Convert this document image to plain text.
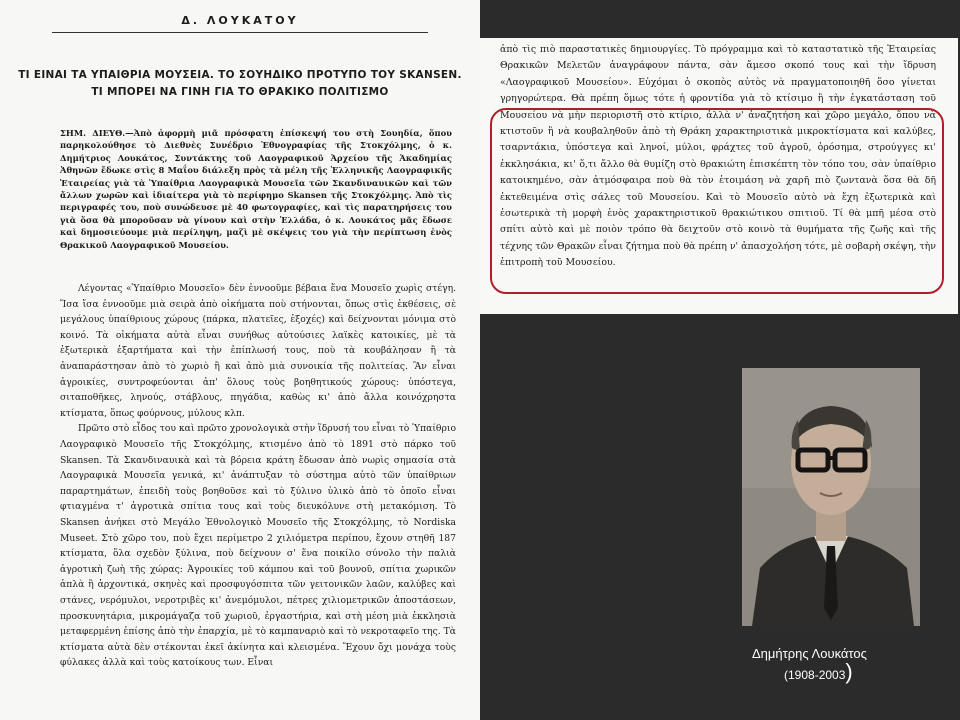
Δ. ΛΟΥΚΑΤΟΥ
ΤΙ ΕΙΝΑΙ ΤΑ ΥΠΑΙΘΡΙΑ ΜΟΥΣΕΙΑ. ΤΟ ΣΟΥΗΔΙΚΟ ΠΡΟΤΥΠΟ ΤΟΥ SKANSEN.
ΤΙ ΜΠΟΡΕΙ ΝΑ ΓΙΝΗ ΓΙΑ ΤΟ ΘΡΑΚΙΚΟ ΠΟΛΙΤΙΣΜΟ
ΣΗΜ. ΔΙΕΥΘ.—Ἀπὸ ἀφορμὴ μιᾶ πρόσφατη ἐπίσκεψή του στὴ Σουηδία, ὅπου παρηκολούθησε τὸ Διεθνὲς Συνέδριο Ἐθνογραφίας τῆς Στοκχόλμης, ὁ κ. Δημήτριος Λουκάτος, Συντάκτης τοῦ Λαογραφικοῦ Ἀρχείου τῆς Ἀκαδημίας Ἀθηνῶν ἔδωκε στὶς 8 Μαΐου διάλεξη πρὸς τὰ μέλη τῆς Ἑλληνικῆς Λαογραφικῆς Ἑταιρείας γιὰ τὰ Ὑπαίθρια Λαογραφικὰ Μουσεῖα τῶν Σκανδιναυικῶν καὶ τῶν ἄλλων χωρῶν καὶ ἰδιαίτερα γιὰ τὸ περίφημο Skansen τῆς Στοκχόλμης. Ἀπὸ τὶς περιγραφές του, ποὺ συνώδευσε μὲ 40 φωτογραφίες, καὶ τὶς παρατηρήσεις του γιὰ ὅσα θὰ μποροῦσαν νὰ γίνουν καὶ στὴν Ἑλλάδα, ὁ κ. Λουκάτος μᾶς ἔδωσε καὶ δημοσιεύουμε μιὰ περίληψη, μαζὶ μὲ σκέψεις του γιὰ τὴν περίπτωση ἑνὸς Θρακικοῦ Λαογραφικοῦ Μουσείου.

Λέγοντας «Ὑπαίθριο Μουσεῖο» δὲν ἐννοοῦμε βέβαια ἕνα Μουσεῖο χωρὶς στέγη. Ἴσα ἴσα ἐννοοῦμε μιὰ σειρὰ ἀπὸ οἰκήματα ποὺ στήνονται, ὅπως στὶς ἐκθέσεις, σὲ μεγάλους ὑπαίθριους χώρους (πάρκα, πλατεῖες, ἐξοχές) καὶ δείχνονται μόνιμα στὸ κοινό. Τὰ οἰκήματα αὐτὰ εἶναι συνήθως αὐτούσιες λαϊκὲς κατοικίες, μὲ τὰ ἐξωτερικὰ ἐξαρτήματα καὶ τὴν ἐπίπλωσή τους, ποὺ τὰ κουβάλησαν ἢ τὰ ἀναπαράστησαν ἀπὸ τὸ χωριὸ ἢ καὶ ἀπὸ μιὰ συνοικία τῆς πολιτείας. Ἂν εἶναι ἀγροικίες, συντροφεύονται ἀπ' ὅλους τοὺς βοηθητικούς χώρους: ὑπόστεγα, σιταποθῆκες, ληνούς, στάβλους, πηγάδια, καθὼς κι' ἀπὸ ἄλλα κοινόχρηστα κτίσματα, ὅπως φούρνους, μύλους κλπ.

Πρῶτο στὸ εἶδος του καὶ πρῶτο χρονολογικὰ στὴν ἵδρυσή του εἶναι τὸ Ὑπαίθριο Λαογραφικὸ Μουσεῖο τῆς Στοκχόλμης, κτισμένο ἀπὸ τὸ 1891 στὸ πάρκο τοῦ Skansen. Τὰ Σκανδιναυικὰ καὶ τὰ βόρεια κράτη ἔδωσαν ἀπὸ νωρὶς σημασία στὰ Λαογραφικὰ Μουσεῖα γενικά, κι' ἀνάπτυξαν τὸ σύστημα αὐτὸ τῶν ὑπαίθριων παραρτημάτων, ἐπειδὴ τοὺς βοηθοῦσε καὶ τὸ ξύλινο ὑλικὸ ἀπὸ τὸ ὁποῖο εἶναι φτιαγμένα τ' ἀγροτικὰ σπίτια τους καὶ τοὺς διευκόλυνε στὴ μετακόμιση. Τὸ Skansen ἀνήκει στὸ Μεγάλο Ἐθνολογικὸ Μουσεῖο τῆς Στοκχόλμης, τὸ Nordiska Museet. Στὸ χῶρο του, ποὺ ἔχει περίμετρο 2 χιλιόμετρα περίπου, ἔχουν στηθῆ 187 κτίσματα, ὅλα σχεδὸν ξύλινα, ποὺ δείχνουν σ' ἕνα ποικίλο σύνολο τὴν παλιὰ ἀγροτικὴ ζωὴ τῆς χώρας: Ἀγροικίες τοῦ κάμπου καὶ τοῦ βουνοῦ, σπίτια χωρικῶν ἁπλὰ ἢ ἀρχοντικά, σκηνὲς καὶ προσφυγόσπιτα τῶν γειτονικῶν λαῶν, καλύβες καὶ στάνες, νερόμυλοι, νεροτριβὲς κι' ἀνεμόμυλοι, πέτρες χιλιομετρικῶν ἀποστάσεων, προσκυνητάρια, μικρομάγαζα τοῦ χωριοῦ, ἐργαστήρια, καὶ στὴ μέση μιὰ ἐκκλησιὰ μεταφερμένη ἐπίσης ἀπὸ τὴν ἐπαρχία, μὲ τὸ καμπαναριὸ καὶ τὸ νεκροταφεῖο της. Τὰ κτίσματα αὐτὰ δὲν στέκονται ἐκεῖ ἀκίνητα καὶ κλεισμένα. Ἔχουν ὄχι μονάχα τοὺς φύλακες ἀλλὰ καὶ τοὺς κατοίκους των. Εἶναι

ἀπὸ τὶς πιὸ παραστατικὲς δημιουργίες. Τὸ πρόγραμμα καὶ τὸ καταστατικὸ τῆς Ἑταιρείας Θρακικῶν Μελετῶν ἀναγράφουν πάντα, σὰν ἄμεσο σκοπό τους καὶ τὴν ἵδρυση «Λαογραφικοῦ Μουσείου». Εὐχόμαι ὁ σκοπὸς αὐτὸς νὰ πραγματοποιηθῆ ὅσο γίνεται γρηγορώτερα. Θὰ πρέπη ὅμως τότε ἡ φροντίδα γιὰ τὸ κτίσιμο ἢ τὴν ἐγκατάσταση τοῦ Μουσείου νὰ μὴν περιοριστῆ στὸ κτίριο, ἀλλὰ ν' ἀναζητήση καὶ χῶρο μεγάλο, ὅπου νὰ κτιστοῦν ἢ νὰ κουβαληθοῦν ἀπὸ τὴ Θράκη χαρακτηριστικὰ μικροκτίσματα καὶ καλύβες, τσαρντάκια, ὑπόστεγα καὶ ληνοί, μύλοι, φράχτες τοῦ ἀγροῦ, ὁρόσημα, στρούγγες κι' ἐκκλησάκια, κι' ὅ,τι ἄλλο θὰ θυμίζη στὸ θρακιώτη ἐπισκέπτη τὸν τόπο του, σὰν ὑπαίθριο κατοικημένο, σὰν ἀτμόσφαιρα ποὺ θὰ τὸν ἑτοιμάση νὰ χαρῆ πιὸ ζωντανὰ ὅσα θὰ δῆ ἐκτεθειμένα στὶς σάλες τοῦ Μουσείου. Καὶ τὸ Μουσεῖο αὐτὸ νὰ ἔχη ἐξωτερικὰ καὶ ἐσωτερικὰ τὴ μορφὴ ἑνὸς χαρακτηριστικοῦ θρακιώτικου σπιτιοῦ. Τί θὰ μπῆ μέσα στὸ σπίτι αὐτὸ καὶ μὲ ποιὸν τρόπο θὰ δειχτοῦν στὸ κοινὸ τὰ θυμήματα τῆς ζωῆς καὶ τῆς τέχνης τῶν Θρακῶν εἶναι ζήτημα ποὺ θὰ πρέπη ν' ἀπασχολήση τότε, μὲ σοβαρὴ σκέψη, τὴν ἐπιτροπὴ τοῦ Μουσείου.

Δημήτρης Λουκάτος
(1908-2003)
